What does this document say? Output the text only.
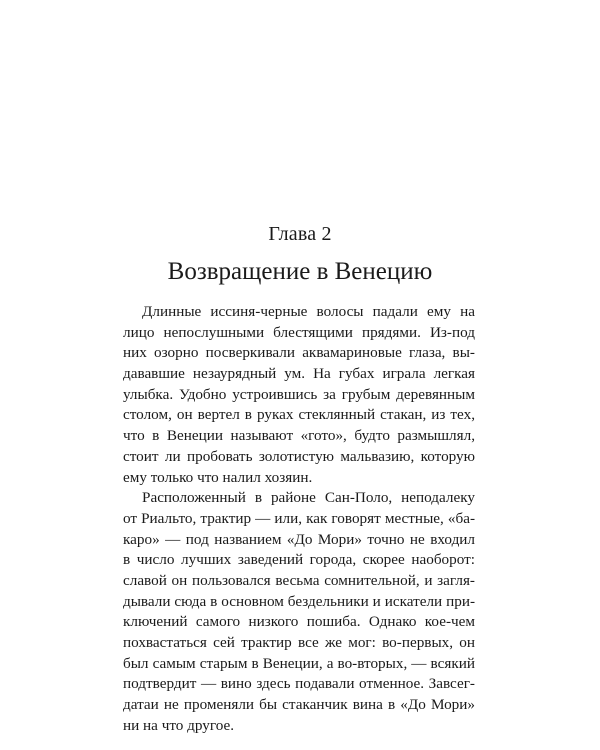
Глава 2
Возвращение в Венецию
Длинные иссиня-черные волосы падали ему на
лицо непослушными блестящими прядями. Из-под
них озорно посверкивали аквамариновые глаза, вы-
дававшие незаурядный ум. На губах играла легкая
улыбка. Удобно устроившись за грубым деревянным
столом, он вертел в руках стеклянный стакан, из тех,
что в Венеции называют «гото», будто размышлял,
стоит ли пробовать золотистую мальвазию, которую
ему только что налил хозяин.
Расположенный в районе Сан-Поло, неподалеку
от Риальто, трактир — или, как говорят местные, «ба-
каро» — под названием «До Мори» точно не входил
в число лучших заведений города, скорее наоборот:
славой он пользовался весьма сомнительной, и загля-
дывали сюда в основном бездельники и искатели при-
ключений самого низкого пошиба. Однако кое-чем
похвастаться сей трактир все же мог: во-первых, он
был самым старым в Венеции, а во-вторых, — всякий
подтвердит — вино здесь подавали отменное. Завсег-
датаи не променяли бы стаканчик вина в «До Мори»
ни на что другое.
